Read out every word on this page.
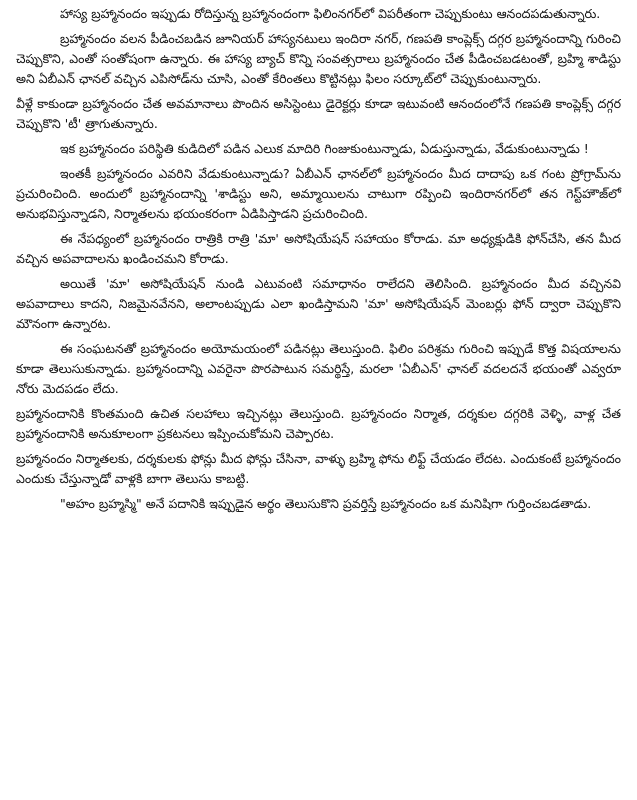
హాస్య బ్రహ్మానందం ఇప్పుడు రోదిస్తున్న బ్రహ్మానందంగా ఫిలింనగర్‌లో విపరీతంగా చెప్పుకుంటు ఆనందపడుతున్నారు.

బ్రహ్మానందం వలన పీడించబడిన జూనియర్ హాస్యనటులు ఇందిరా నగర్, గణపతి కాంప్లెక్స్ దగ్గర బ్రహ్మానందాన్ని గురించి చెప్పుకొని, ఎంతో సంతోషంగా ఉన్నారు. ఈ హాస్య బ్యాచ్ కొన్ని సంవత్సరాలు బ్రహ్మానందం చేత పీడించబడటంతో, బ్రహ్మి శాడిస్టు అని ఏబీఎన్ ఛానల్ వచ్చిన ఎపిసోడ్‌ను చూసి, ఎంతో కేరింతలు కొట్టినట్లు ఫిలం సర్కూట్‌లో చెప్పుకుంటున్నారు.

వీళ్లే కాకుండా బ్రహ్మానందం చేత అవమానాలు పొందిన అసిస్టెంటు డైరెక్టర్లు కూడా ఇటువంటి ఆనందంలోనే గణపతి కాంప్లెక్స్ దగ్గర చెప్పుకొని 'టీ' త్రాగుతున్నారు.

ఇక బ్రహ్మానందం పరిస్థితి కుడిదిలో పడిన ఎలుక మాదిరి గింజుకుంటున్నాడు, ఏడుస్తున్నాడు, వేడుకుంటున్నాడు !

ఇంతకీ బ్రహ్మానందం ఎవరిని వేడుకుంటున్నాడు? ఏబీఎన్ ఛానల్‌లో బ్రహ్మానందం మీద దాదాపు ఒక గంట ప్రోగ్రామ్‌ను ప్రచురించింది. అందులో బ్రహ్మానందాన్ని 'శాడిస్టు అని, అమ్మాయిలను చాటుగా రప్పించి ఇందిరానగర్‌లో తన గెస్ట్‌హౌజ్‌లో అనుభవిస్తున్నాడని, నిర్మాతలను భయంకరంగా ఏడిపిస్తాడని ప్రచురించింది.

ఈ నేపధ్యంలో బ్రహ్మానందం రాత్రికి రాత్రి 'మా' అసోషియేషన్ సహాయం కోరాడు. మా అధ్యక్షుడికి ఫోన్‌చేసి, తన మీద వచ్చిన అపవాదాలను ఖండించమని కోరాడు.

అయితే 'మా' అసోషియేషన్ నుండి ఎటువంటి సమాధానం రాలేదని తెలిసింది. బ్రహ్మానందం మీద వచ్చినవి అపవాదాలు కాదని, నిజమైనవేనని, అలాంటప్పుడు ఎలా ఖండిస్తామని 'మా' అసోషియేషన్ మెంబర్లు ఫోన్ ద్వారా చెప్పుకొని మౌనంగా ఉన్నారట.

ఈ సంఘటనతో బ్రహ్మానందం అయోమయంలో పడినట్లు తెలుస్తుంది. ఫిలిం పరిశ్రమ గురించి ఇప్పుడే కొత్త విషయాలను కూడా తెలుసుకున్నాడు. బ్రహ్మానందాన్ని ఎవరైనా పొరపాటున సమర్థిస్తే, మరలా 'ఏబీఎన్' ఛానల్ వదలదనే భయంతో ఎవ్వరూ నోరు మెదపడం లేదు.

బ్రహ్మానందానికి కొంతమంది ఉచిత సలహాలు ఇచ్చినట్లు తెలుస్తుంది. బ్రహ్మానందం నిర్మాత, దర్శకుల దగ్గరికి వెళ్ళి, వాళ్ల చేత బ్రహ్మానందానికి అనుకూలంగా ప్రకటనలు ఇప్పించుకోమని చెప్పారట.

బ్రహ్మానందం నిర్మాతలకు, దర్శకులకు ఫోన్లు మీద ఫోన్లు చేసినా, వాళ్ళు బ్రహ్మి ఫోను లిఫ్ట్ చేయడం లేదట. ఎందుకంటే బ్రహ్మానందం ఎందుకు చేస్తున్నాడో వాళ్లకి బాగా తెలుసు కాబట్టి.

"అహం బ్రహ్మస్మి" అనే పదానికి ఇప్పుడైన అర్థం తెలుసుకొని ప్రవర్తిస్తే బ్రహ్మానందం ఒక మనిషిగా గుర్తించబడతాడు.
